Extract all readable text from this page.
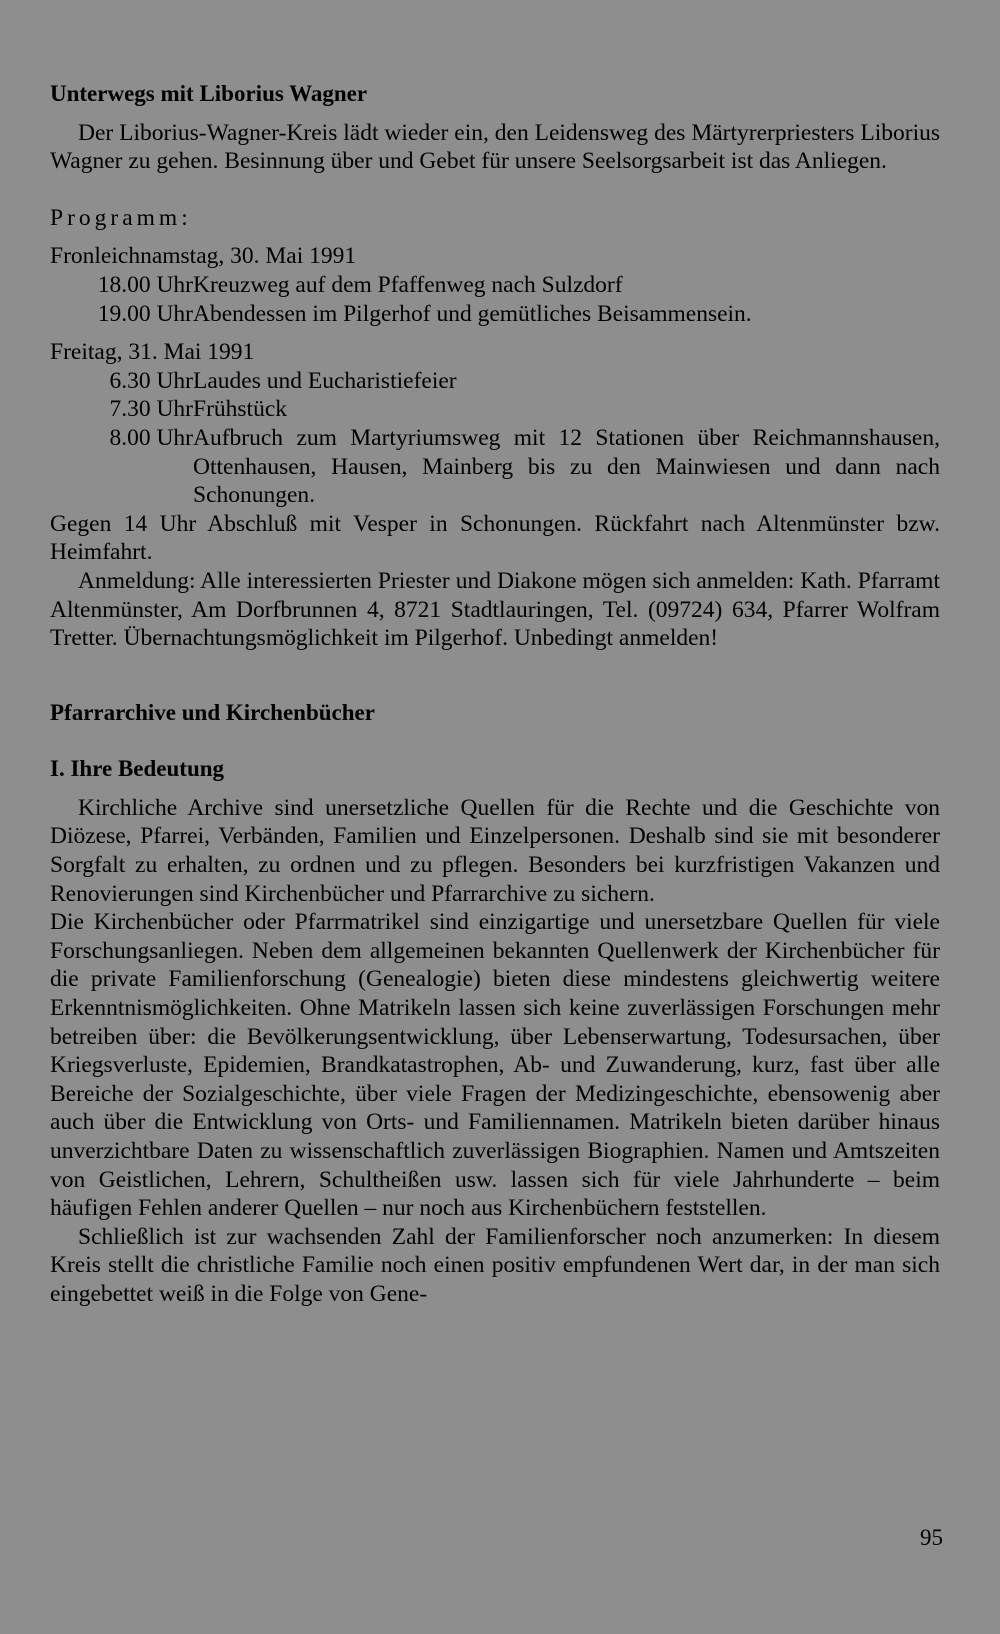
Unterwegs mit Liborius Wagner

Der Liborius-Wagner-Kreis lädt wieder ein, den Leidensweg des Märtyrerpriesters Liborius Wagner zu gehen. Besinnung über und Gebet für unsere Seelsorgsarbeit ist das Anliegen.

Programm:

Fronleichnamstag, 30. Mai 1991

18.00 Uhr Kreuzweg auf dem Pfaffenweg nach Sulzdorf
19.00 Uhr Abendessen im Pilgerhof und gemütliches Beisammensein.

Freitag, 31. Mai 1991

6.30 Uhr Laudes und Eucharistiefeier
7.30 Uhr Frühstück
8.00 Uhr Aufbruch zum Martyriumsweg mit 12 Stationen über Reichmannshausen, Ottenhausen, Hausen, Mainberg bis zu den Mainwiesen und dann nach Schonungen.

Gegen 14 Uhr Abschluß mit Vesper in Schonungen. Rückfahrt nach Altenmünster bzw. Heimfahrt.

Anmeldung: Alle interessierten Priester und Diakone mögen sich anmelden: Kath. Pfarramt Altenmünster, Am Dorfbrunnen 4, 8721 Stadtlauringen, Tel. (09724) 634, Pfarrer Wolfram Tretter. Übernachtungsmöglichkeit im Pilgerhof. Unbedingt anmelden!

Pfarrarchive und Kirchenbücher

I. Ihre Bedeutung

Kirchliche Archive sind unersetzliche Quellen für die Rechte und die Geschichte von Diözese, Pfarrei, Verbänden, Familien und Einzelpersonen. Deshalb sind sie mit besonderer Sorgfalt zu erhalten, zu ordnen und zu pflegen. Besonders bei kurzfristigen Vakanzen und Renovierungen sind Kirchenbücher und Pfarrarchive zu sichern.

Die Kirchenbücher oder Pfarrmatrikel sind einzigartige und unersetzbare Quellen für viele Forschungsanliegen. Neben dem allgemeinen bekannten Quellenwerk der Kirchenbücher für die private Familienforschung (Genealogie) bieten diese mindestens gleichwertig weitere Erkenntnismöglichkeiten. Ohne Matrikeln lassen sich keine zuverlässigen Forschungen mehr betreiben über: die Bevölkerungsentwicklung, über Lebenserwartung, Todesursachen, über Kriegsverluste, Epidemien, Brandkatastrophen, Ab- und Zuwanderung, kurz, fast über alle Bereiche der Sozialgeschichte, über viele Fragen der Medizingeschichte, ebensowenig aber auch über die Entwicklung von Orts- und Familiennamen. Matrikeln bieten darüber hinaus unverzichtbare Daten zu wissenschaftlich zuverlässigen Biographien. Namen und Amtszeiten von Geistlichen, Lehrern, Schultheißen usw. lassen sich für viele Jahrhunderte – beim häufigen Fehlen anderer Quellen – nur noch aus Kirchenbüchern feststellen.

Schließlich ist zur wachsenden Zahl der Familienforscher noch anzumerken: In diesem Kreis stellt die christliche Familie noch einen positiv empfundenen Wert dar, in der man sich eingebettet weiß in die Folge von Gene-

95
